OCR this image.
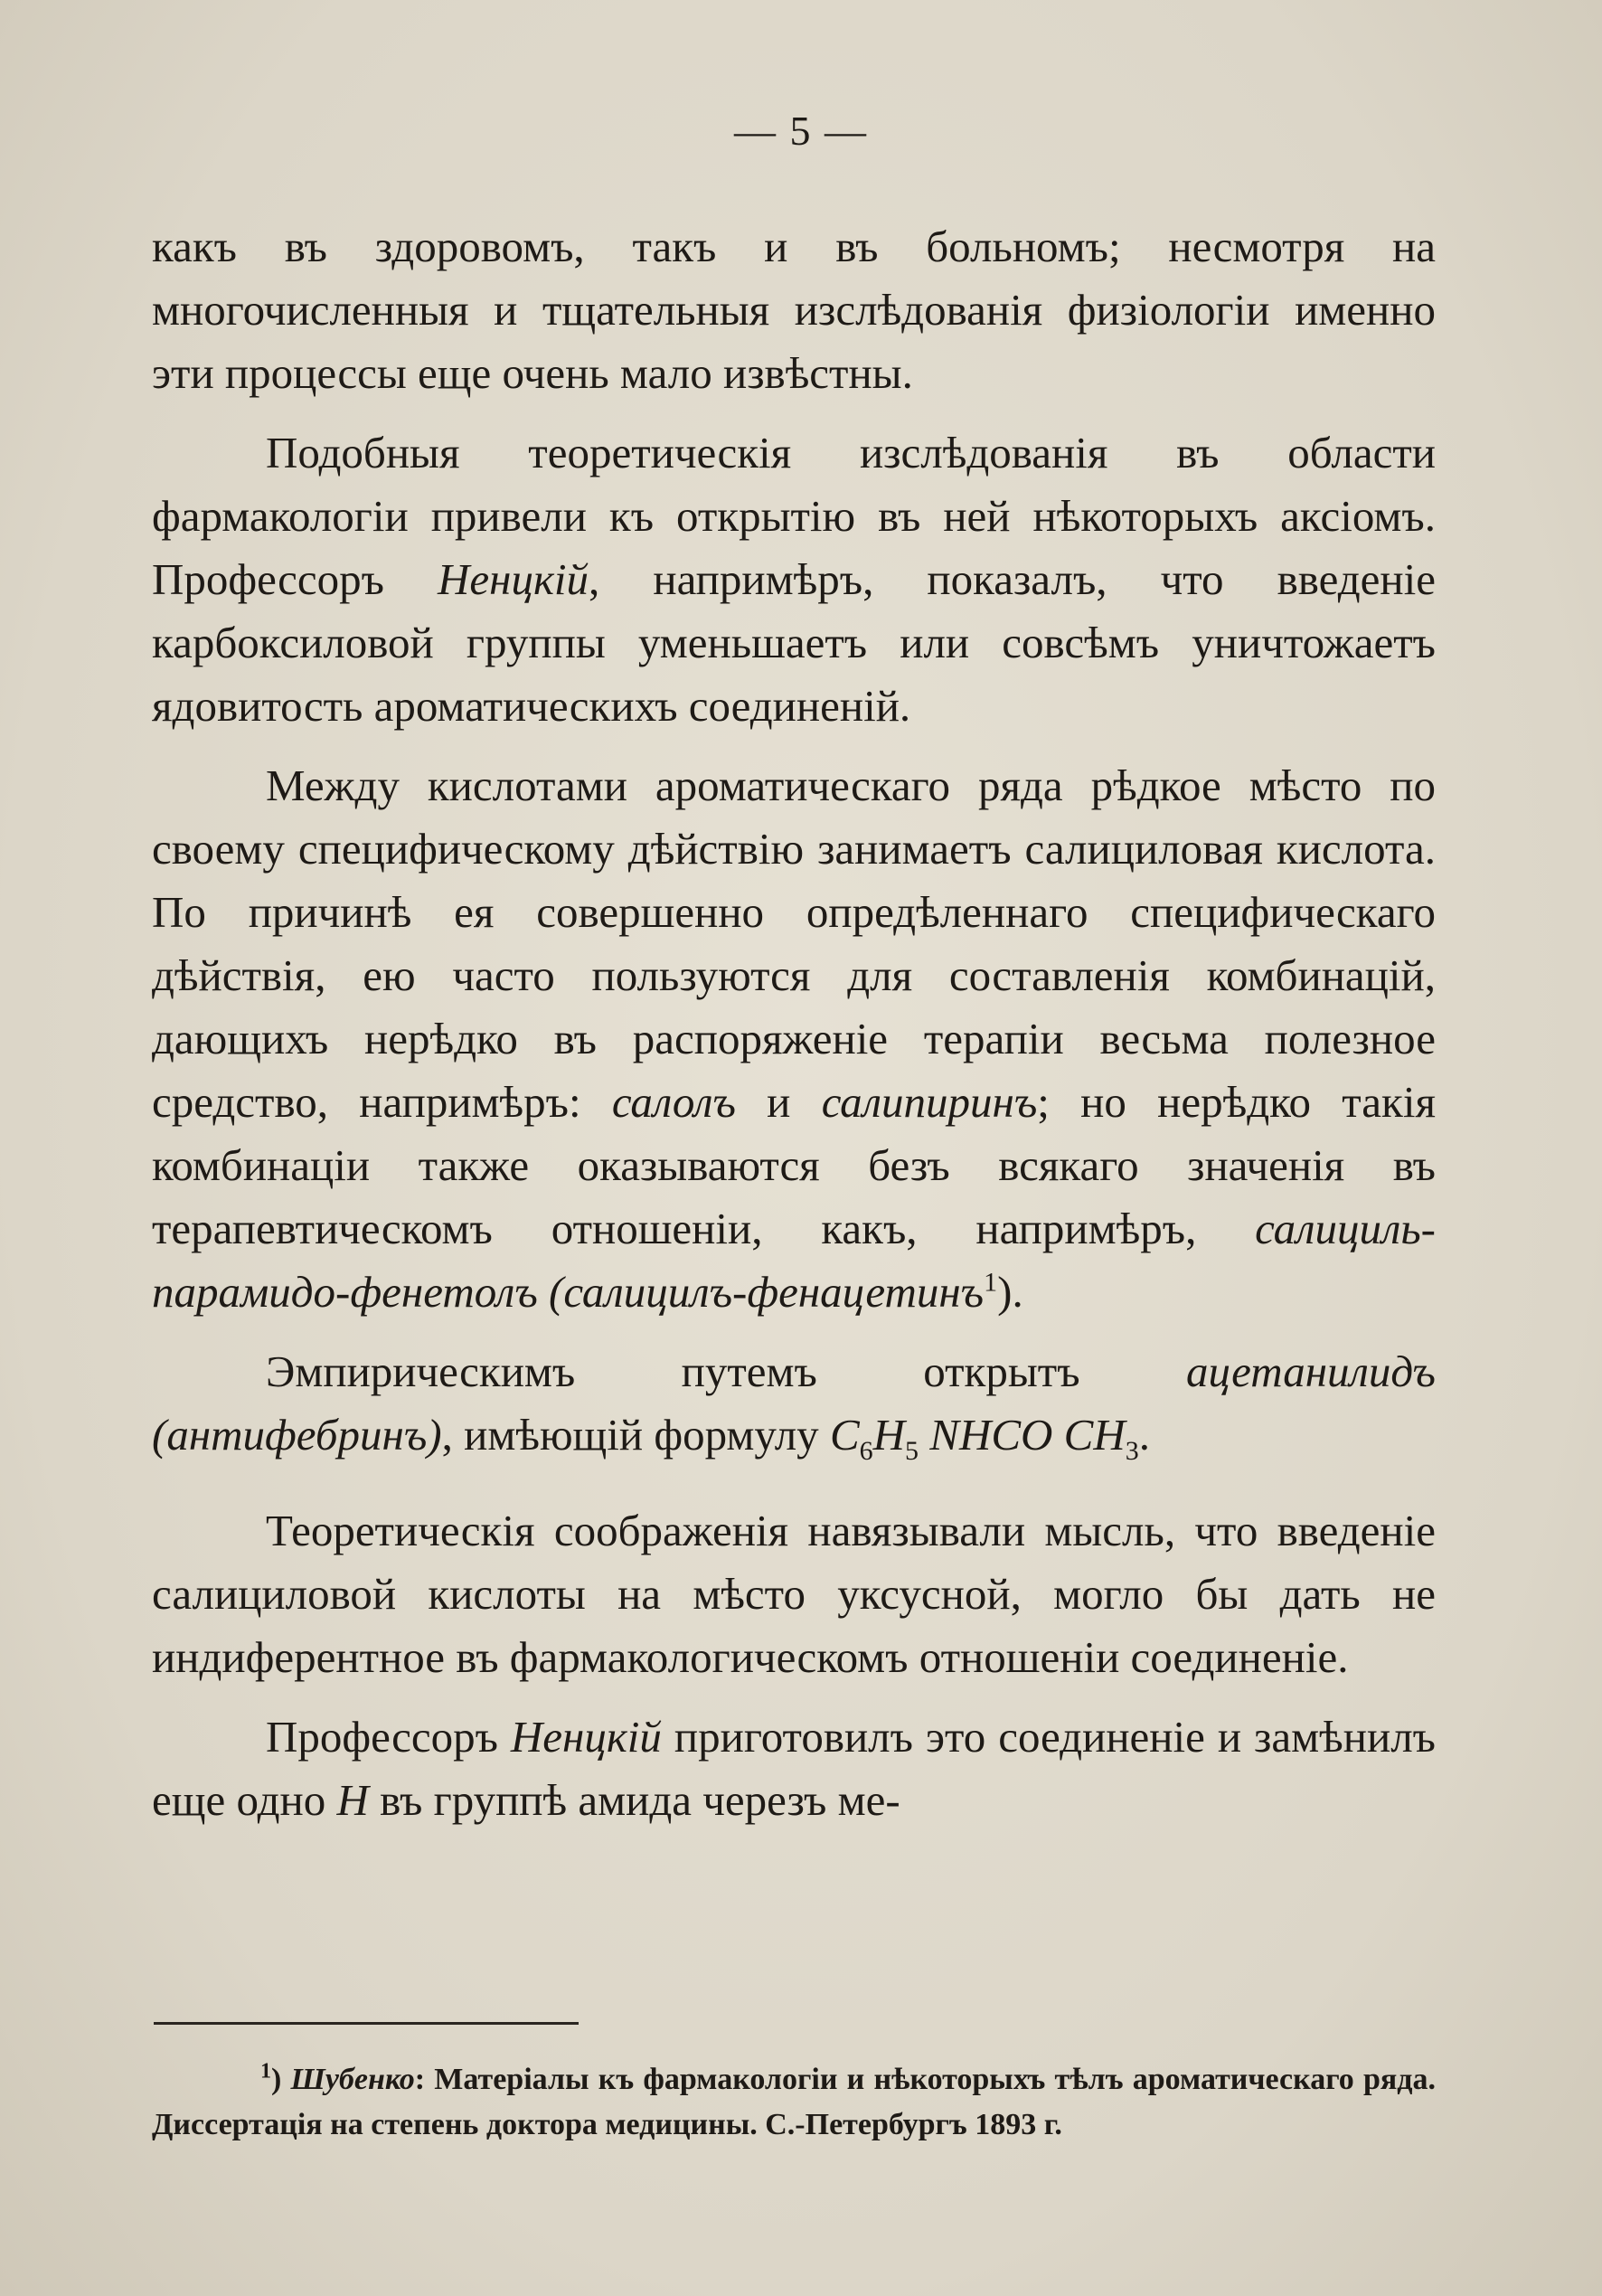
— 5 —

какъ въ здоровомъ, такъ и въ больномъ; несмотря на многочисленныя и тщательныя изслѣдованія физіологіи именно эти процессы еще очень мало извѣстны.

Подобныя теоретическія изслѣдованія въ области фармакологіи привели къ открытію въ ней нѣкоторыхъ аксіомъ. Профессоръ Ненцкій, напримѣръ, показалъ, что введеніе карбоксиловой группы уменьшаетъ или совсѣмъ уничтожаетъ ядовитость ароматическихъ соединеній.

Между кислотами ароматическаго ряда рѣдкое мѣсто по своему специфическому дѣйствію занимаетъ салициловая кислота. По причинѣ ея совершенно опредѣленнаго специфическаго дѣйствія, ею часто пользуются для составленія комбинацій, дающихъ нерѣдко въ распоряженіе терапіи весьма полезное средство, напримѣръ: салолъ и салипиринъ; но нерѣдко такія комбинаціи также оказываются безъ всякаго значенія въ терапевтическомъ отношеніи, какъ, напримѣръ, салициль-парамидо-фенетолъ (салицилъ-фенацетинъ$^1$).

Эмпирическимъ путемъ открытъ ацетанилидъ (антифебринъ), имѣющій формулу $C_6H_5$ NHCO $CH_3$.

Теоретическія соображенія навязывали мысль, что введеніе салициловой кислоты на мѣсто уксусной, могло бы дать не индиферентное въ фармакологическомъ отношеніи соединеніе.

Профессоръ Ненцкій приготовилъ это соединеніе и замѣнилъ еще одно H въ группѣ амида черезъ ме-

$^1$) Шубенко: Матеріалы къ фармакологіи и нѣкоторыхъ тѣлъ ароматическаго ряда. Диссертація на степень доктора медицины. С.-Петербургъ 1893 г.
